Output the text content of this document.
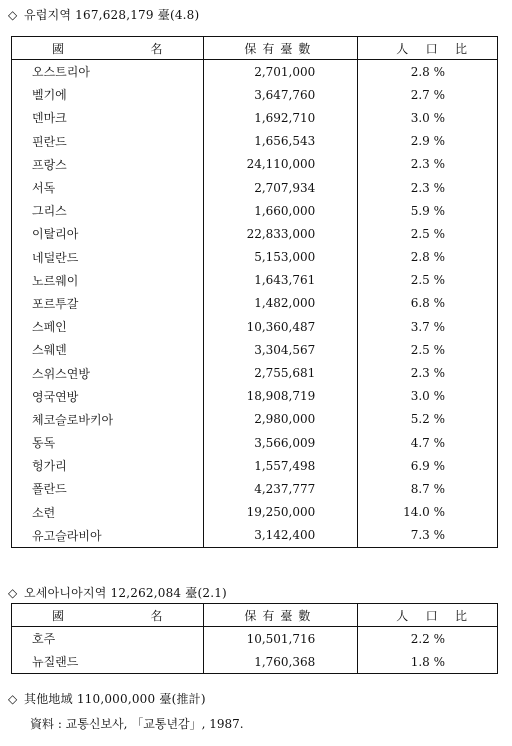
◇ 유럽지역 167,628,179 臺(4.8)
國 名	保有臺數	人口比
오스트리아	2,701,000	2.8 %
벨기에	3,647,760	2.7 %
덴마크	1,692,710	3.0 %
핀란드	1,656,543	2.9 %
프랑스	24,110,000	2.3 %
서독	2,707,934	2.3 %
그리스	1,660,000	5.9 %
이탈리아	22,833,000	2.5 %
네덜란드	5,153,000	2.8 %
노르웨이	1,643,761	2.5 %
포르투갈	1,482,000	6.8 %
스페인	10,360,487	3.7 %
스웨덴	3,304,567	2.5 %
스위스연방	2,755,681	2.3 %
영국연방	18,908,719	3.0 %
체코슬로바키아	2,980,000	5.2 %
동독	3,566,009	4.7 %
헝가리	1,557,498	6.9 %
폴란드	4,237,777	8.7 %
소련	19,250,000	14.0 %
유고슬라비아	3,142,400	7.3 %
◇ 오세아니아지역 12,262,084 臺(2.1)
國 名	保有臺數	人口比
호주	10,501,716	2.2 %
뉴질랜드	1,760,368	1.8 %
◇ 其他地域 110,000,000 臺(推計)
資料 : 교통신보사, 「교통년감」, 1987.
